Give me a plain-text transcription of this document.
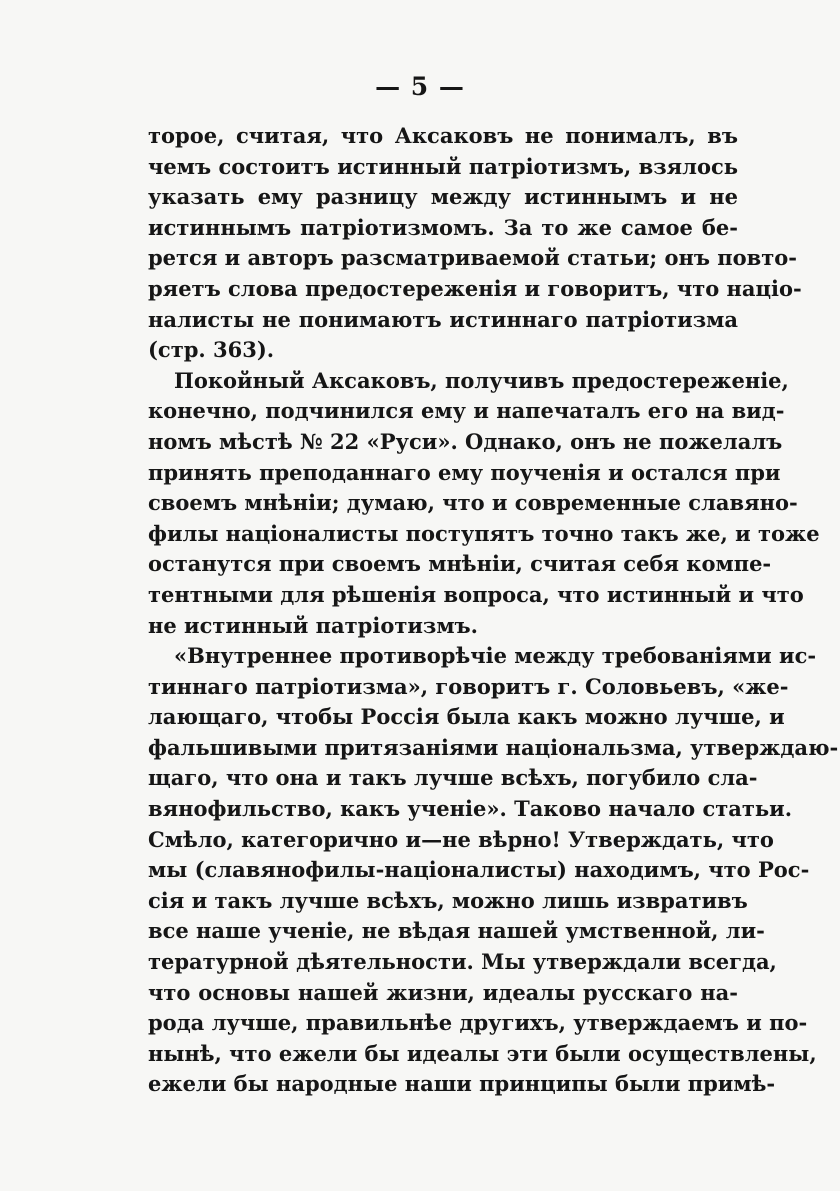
— 5 —
торое, считая, что Аксаковъ не понималъ, въ
чемъ состоитъ истинный патріотизмъ, взялось
указать ему разницу между истиннымъ и не
истиннымъ патріотизмомъ. За то же самое бе-
рется и авторъ разсматриваемой статьи; онъ повто-
ряетъ слова предостереженія и говоритъ, что націо-
налисты не понимаютъ истиннаго патріотизма
(стр. 363).
Покойный Аксаковъ, получивъ предостереженіе,
конечно, подчинился ему и напечаталъ его на вид-
номъ мѣстѣ № 22 «Руси». Однако, онъ не пожелалъ
принять преподаннаго ему поученія и остался при
своемъ мнѣніи; думаю, что и современные славяно-
филы націоналисты поступятъ точно такъ же, и тоже
останутся при своемъ мнѣніи, считая себя компе-
тентными для рѣшенія вопроса, что истинный и что
не истинный патріотизмъ.
«Внутреннее противорѣчіе между требованіями ис-
тиннаго патріотизма», говоритъ г. Соловьевъ, «же-
лающаго, чтобы Россія была какъ можно лучше, и
фальшивыми притязаніями національзма, утверждаю-
щаго, что она и такъ лучше всѣхъ, погубило сла-
вянофильство, какъ ученіе». Таково начало статьи.
Смѣло, категорично и—не вѣрно! Утверждать, что
мы (славянофилы-націоналисты) находимъ, что Рос-
сія и такъ лучше всѣхъ, можно лишь извративъ
все наше ученіе, не вѣдая нашей умственной, ли-
тературной дѣятельности. Мы утверждали всегда,
что основы нашей жизни, идеалы русскаго на-
рода лучше, правильнѣе другихъ, утверждаемъ и по-
нынѣ, что ежели бы идеалы эти были осуществлены,
ежели бы народные наши принципы были примѣ-
